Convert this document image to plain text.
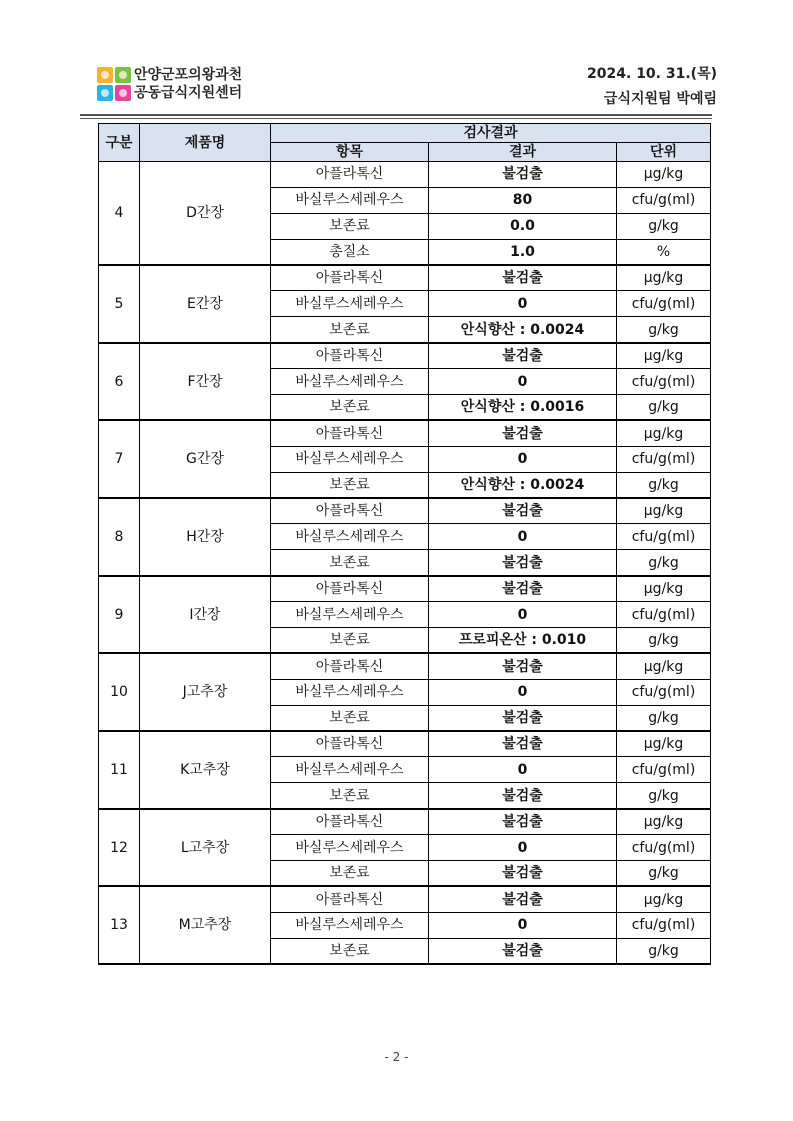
안양군포의왕과천
공동급식지원센터
2024. 10. 31.(목)
급식지원팀 박예림
구분	제품명	검사결과		
		항목	결과	단위
4	D간장	아플라톡신	불검출	μg/kg
		바실루스세레우스	80	cfu/g(ml)
		보존료	0.0	g/kg
		총질소	1.0	%
5	E간장	아플라톡신	불검출	μg/kg
		바실루스세레우스	0	cfu/g(ml)
		보존료	안식향산 : 0.0024	g/kg
6	F간장	아플라톡신	불검출	μg/kg
		바실루스세레우스	0	cfu/g(ml)
		보존료	안식향산 : 0.0016	g/kg
7	G간장	아플라톡신	불검출	μg/kg
		바실루스세레우스	0	cfu/g(ml)
		보존료	안식향산 : 0.0024	g/kg
8	H간장	아플라톡신	불검출	μg/kg
		바실루스세레우스	0	cfu/g(ml)
		보존료	불검출	g/kg
9	I간장	아플라톡신	불검출	μg/kg
		바실루스세레우스	0	cfu/g(ml)
		보존료	프로피온산 : 0.010	g/kg
10	J고추장	아플라톡신	불검출	μg/kg
		바실루스세레우스	0	cfu/g(ml)
		보존료	불검출	g/kg
11	K고추장	아플라톡신	불검출	μg/kg
		바실루스세레우스	0	cfu/g(ml)
		보존료	불검출	g/kg
12	L고추장	아플라톡신	불검출	μg/kg
		바실루스세레우스	0	cfu/g(ml)
		보존료	불검출	g/kg
13	M고추장	아플라톡신	불검출	μg/kg
		바실루스세레우스	0	cfu/g(ml)
		보존료	불검출	g/kg
- 2 -
